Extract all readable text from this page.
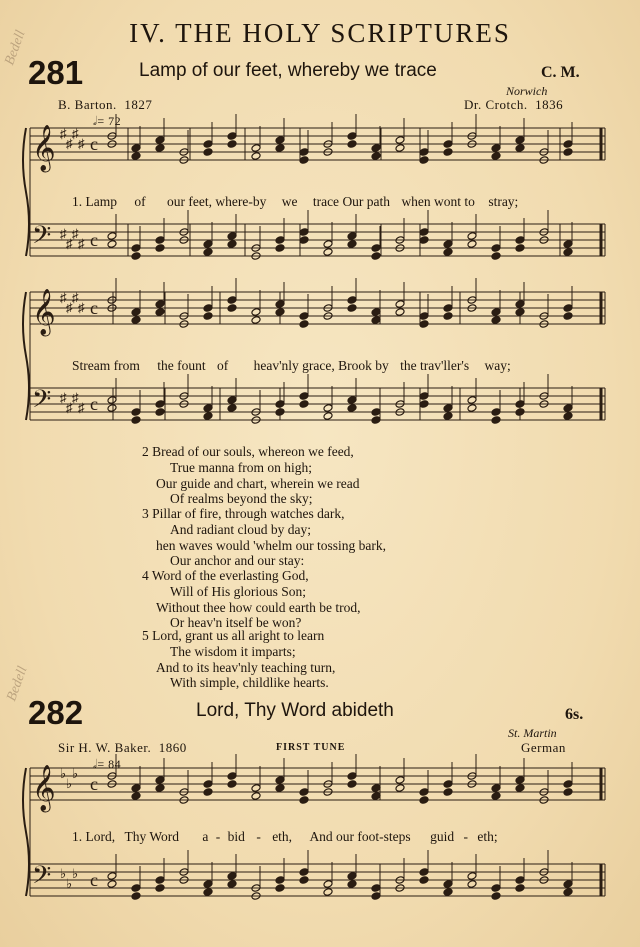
Bedell
Bedell
IV. THE HOLY SCRIPTURES
281	Lamp of our feet, whereby we trace	C. M.
Norwich
B. Barton. 1827	Dr. Crotch. 1836
𝅗𝅥= 72
𝄞
𝄢
♯
♯
♯
♯
♯
♯
♯
♯
c
c
𝄞
𝄢
♯
♯
♯
♯
♯
♯
♯
♯
c
c
𝄞
𝄢
♭
♭
♭
♭
♭
♭
c
c
1. Lamp of our feet, where-by we trace Our path when wont to stray;
Stream from the fount of heav'nly grace, Brook by the trav'ller's way;
2 Bread of our souls, whereon we feed,
True manna from on high;
Our guide and chart, wherein we read
Of realms beyond the sky;
3 Pillar of fire, through watches dark,
And radiant cloud by day;
hen waves would 'whelm our tossing bark,
Our anchor and our stay:
4 Word of the everlasting God,
Will of His glorious Son;
Without thee how could earth be trod,
Or heav'n itself be won?
5 Lord, grant us all aright to learn
The wisdom it imparts;
And to its heav'nly teaching turn,
With simple, childlike hearts.
282	Lord, Thy Word abideth	6s.
St. Martin
Sir H. W. Baker. 1860	FIRST TUNE	German
𝅗𝅥= 84
1. Lord, Thy Word a - bid - eth, And our foot-steps guid - eth;
